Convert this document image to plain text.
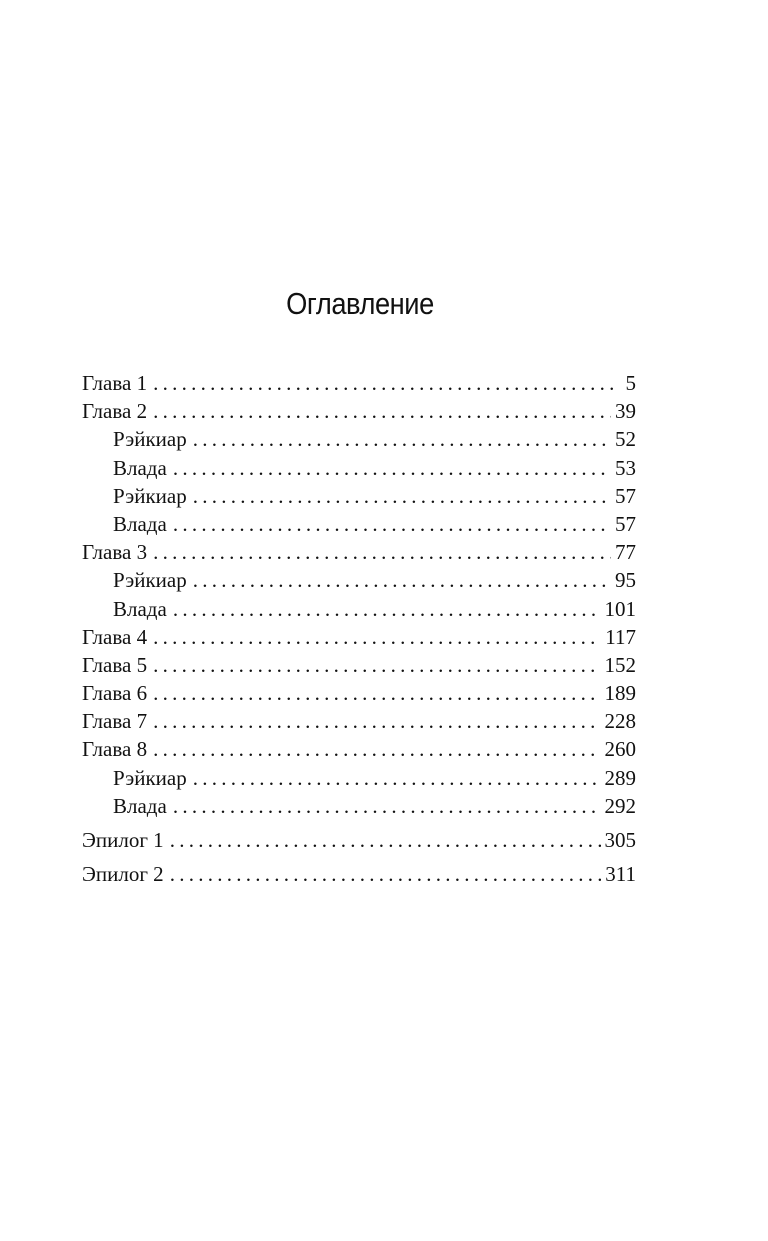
Оглавление
Глава 1 . . .	5
Глава 2 . . .	39
Рэйкиар . . .	52
Влада . . .	53
Рэйкиар . . .	57
Влада . . .	57
Глава 3 . . .	77
Рэйкиар . . .	95
Влада . . .	101
Глава 4 . . .	117
Глава 5 . . .	152
Глава 6 . . .	189
Глава 7 . . .	228
Глава 8 . . .	260
Рэйкиар . . .	289
Влада . . .	292
Эпилог 1 . . .	305
Эпилог 2 . . .	311
